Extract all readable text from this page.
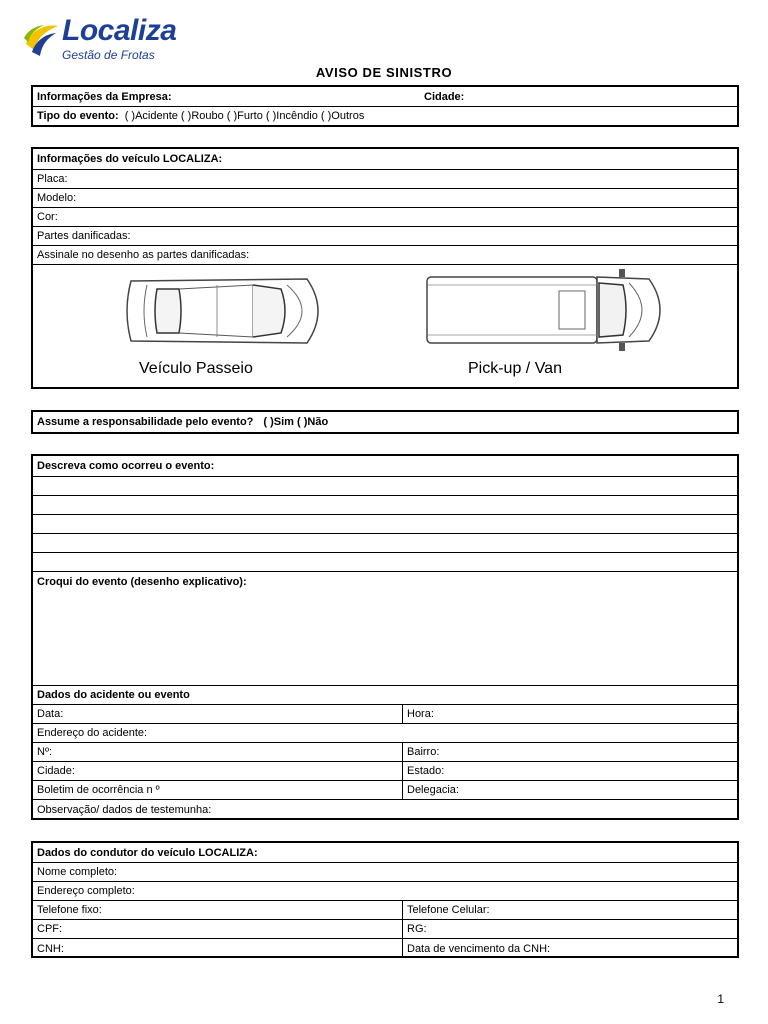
Localiza
Gestão de Frotas
AVISO DE SINISTRO
Informações da Empresa:	Cidade:
Tipo do evento: ( )Acidente ( )Roubo ( )Furto ( )Incêndio ( )Outros
Informações do veículo LOCALIZA:
Placa:
Modelo:
Cor:
Partes danificadas:
Assinale no desenho as partes danificadas:
Veículo Passeio	Pick-up / Van
Assume a responsabilidade pelo evento? ( )Sim ( )Não
Descreva como ocorreu o evento:
Croqui do evento (desenho explicativo):
Dados do acidente ou evento
Data:	Hora:
Endereço do acidente:
Nº:	Bairro:
Cidade:	Estado:
Boletim de ocorrência n º	Delegacia:
Observação/ dados de testemunha:
Dados do condutor do veículo LOCALIZA:
Nome completo:
Endereço completo:
Telefone fixo:	Telefone Celular:
CPF:	RG:
CNH:	Data de vencimento da CNH:
1
